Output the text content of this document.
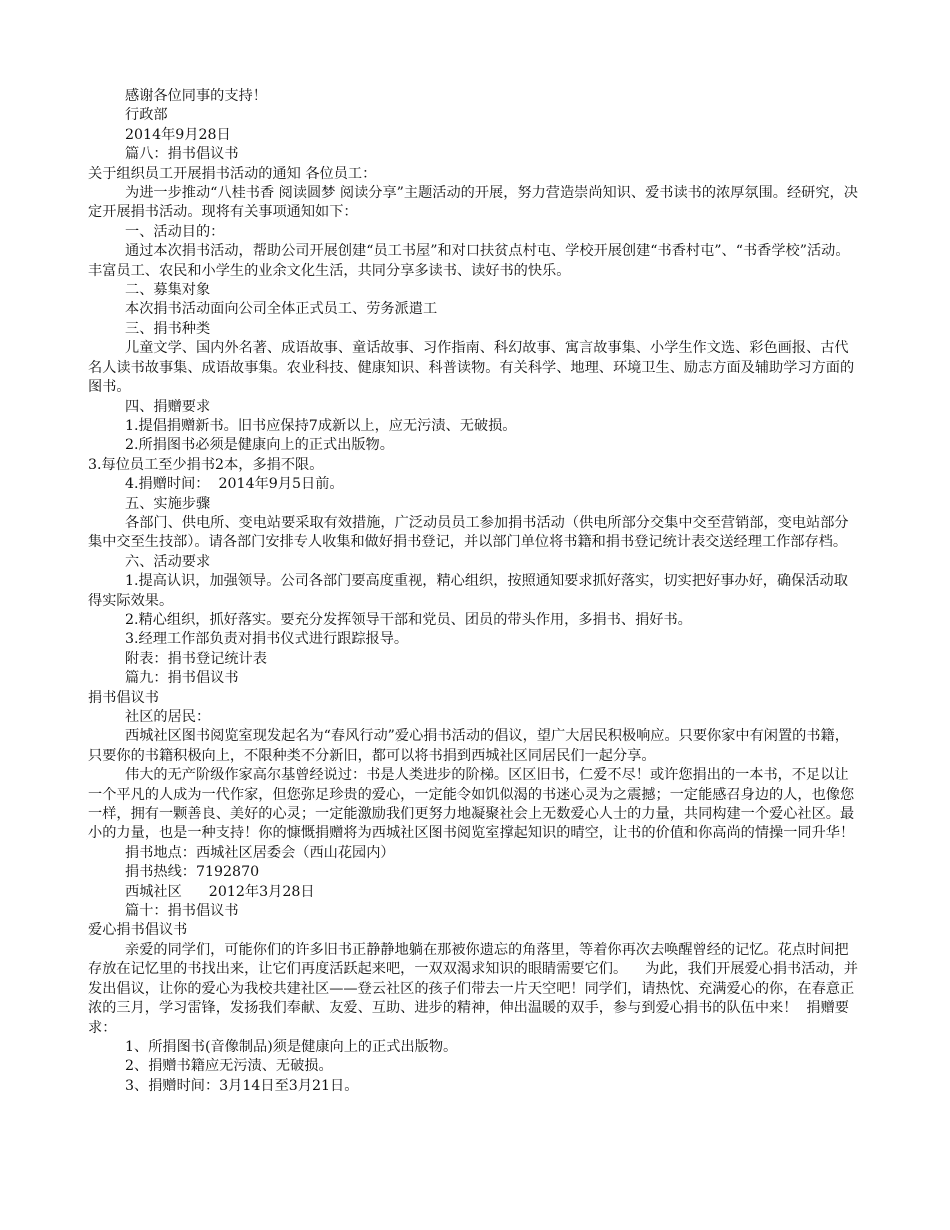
感谢各位同事的支持！

行政部

2014年9月28日

篇八：捐书倡议书

关于组织员工开展捐书活动的通知 各位员工：

为进一步推动“八桂书香 阅读圆梦 阅读分享”主题活动的开展，努力营造崇尚知识、爱书读书的浓厚氛围。经研究，决定开展捐书活动。现将有关事项通知如下：

一、活动目的：

通过本次捐书活动，帮助公司开展创建“员工书屋”和对口扶贫点村屯、学校开展创建“书香村屯”、“书香学校”活动。丰富员工、农民和小学生的业余文化生活，共同分享多读书、读好书的快乐。

二、募集对象

本次捐书活动面向公司全体正式员工、劳务派遣工

三、捐书种类

儿童文学、国内外名著、成语故事、童话故事、习作指南、科幻故事、寓言故事集、小学生作文选、彩色画报、古代名人读书故事集、成语故事集。农业科技、健康知识、科普读物。有关科学、地理、环境卫生、励志方面及辅助学习方面的图书。

四、捐赠要求

1.提倡捐赠新书。旧书应保持7成新以上，应无污渍、无破损。

2.所捐图书必须是健康向上的正式出版物。

3.每位员工至少捐书2本，多捐不限。

4.捐赠时间：  2014年9月5日前。

五、实施步骤

各部门、供电所、变电站要采取有效措施，广泛动员员工参加捐书活动（供电所部分交集中交至营销部，变电站部分集中交至生技部）。请各部门安排专人收集和做好捐书登记，并以部门单位将书籍和捐书登记统计表交送经理工作部存档。

六、活动要求

1.提高认识，加强领导。公司各部门要高度重视，精心组织，按照通知要求抓好落实，切实把好事办好，确保活动取得实际效果。

2.精心组织，抓好落实。要充分发挥领导干部和党员、团员的带头作用，多捐书、捐好书。

3.经理工作部负责对捐书仪式进行跟踪报导。

附表：捐书登记统计表

篇九：捐书倡议书

捐书倡议书

社区的居民：

西城社区图书阅览室现发起名为“春风行动”爱心捐书活动的倡议，望广大居民积极响应。只要你家中有闲置的书籍，只要你的书籍积极向上，不限种类不分新旧，都可以将书捐到西城社区同居民们一起分享。

伟大的无产阶级作家高尔基曾经说过：书是人类进步的阶梯。区区旧书，仁爱不尽！或许您捐出的一本书，不足以让一个平凡的人成为一代作家，但您弥足珍贵的爱心，一定能令如饥似渴的书迷心灵为之震撼；一定能感召身边的人，也像您一样，拥有一颗善良、美好的心灵；一定能激励我们更努力地凝聚社会上无数爱心人士的力量，共同构建一个爱心社区。最小的力量，也是一种支持！你的慷慨捐赠将为西城社区图书阅览室撑起知识的晴空，让书的价值和你高尚的情操一同升华！

捐书地点：西城社区居委会（西山花园内）

捐书热线：7192870

西城社区      2012年3月28日

篇十：捐书倡议书

爱心捐书倡议书

亲爱的同学们，可能你们的许多旧书正静静地躺在那被你遗忘的角落里，等着你再次去唤醒曾经的记忆。花点时间把存放在记忆里的书找出来，让它们再度活跃起来吧，一双双渴求知识的眼睛需要它们。    为此，我们开展爱心捐书活动，并发出倡议，让你的爱心为我校共建社区——登云社区的孩子们带去一片天空吧！同学们，请热忱、充满爱心的你，在春意正浓的三月，学习雷锋，发扬我们奉献、友爱、互助、进步的精神，伸出温暖的双手，参与到爱心捐书的队伍中来！  捐赠要求：

1、所捐图书(音像制品)须是健康向上的正式出版物。

2、捐赠书籍应无污渍、无破损。

3、捐赠时间：3月14日至3月21日。
